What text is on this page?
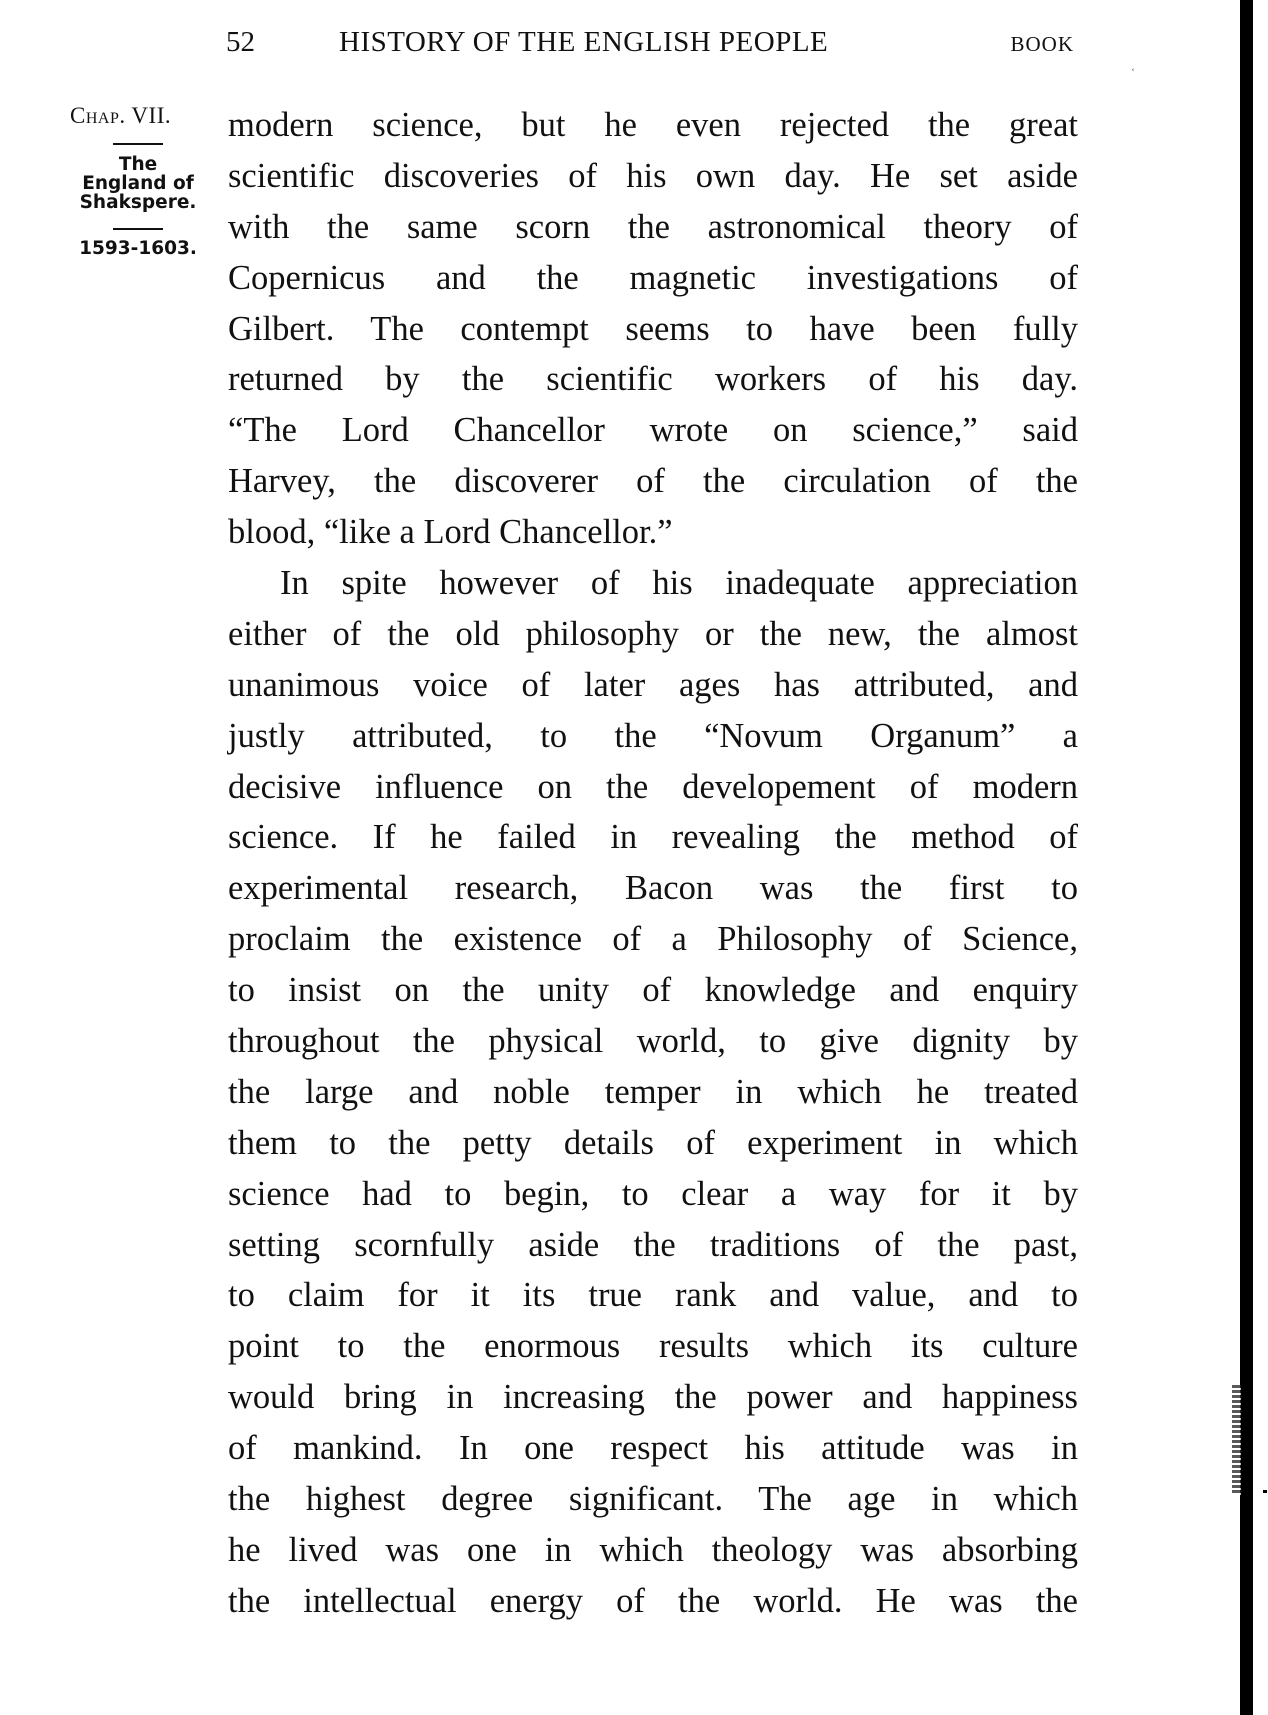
52	HISTORY OF THE ENGLISH PEOPLE	BOOK
ʿ
Chap. VII.
The
England of
Shakspere.
1593-1603.
modern science, but he even rejected the great
scientific discoveries of his own day. He set aside
with the same scorn the astronomical theory of
Copernicus and the magnetic investigations of
Gilbert. The contempt seems to have been fully
returned by the scientific workers of his day.
“The Lord Chancellor wrote on science,” said
Harvey, the discoverer of the circulation of the
blood, “like a Lord Chancellor.”
In spite however of his inadequate appreciation
either of the old philosophy or the new, the almost
unanimous voice of later ages has attributed, and
justly attributed, to the “Novum Organum” a
decisive influence on the developement of modern
science. If he failed in revealing the method of
experimental research, Bacon was the first to
proclaim the existence of a Philosophy of Science,
to insist on the unity of knowledge and enquiry
throughout the physical world, to give dignity by
the large and noble temper in which he treated
them to the petty details of experiment in which
science had to begin, to clear a way for it by
setting scornfully aside the traditions of the past,
to claim for it its true rank and value, and to
point to the enormous results which its culture
would bring in increasing the power and happiness
of mankind. In one respect his attitude was in
the highest degree significant. The age in which
he lived was one in which theology was absorbing
the intellectual energy of the world. He was the
